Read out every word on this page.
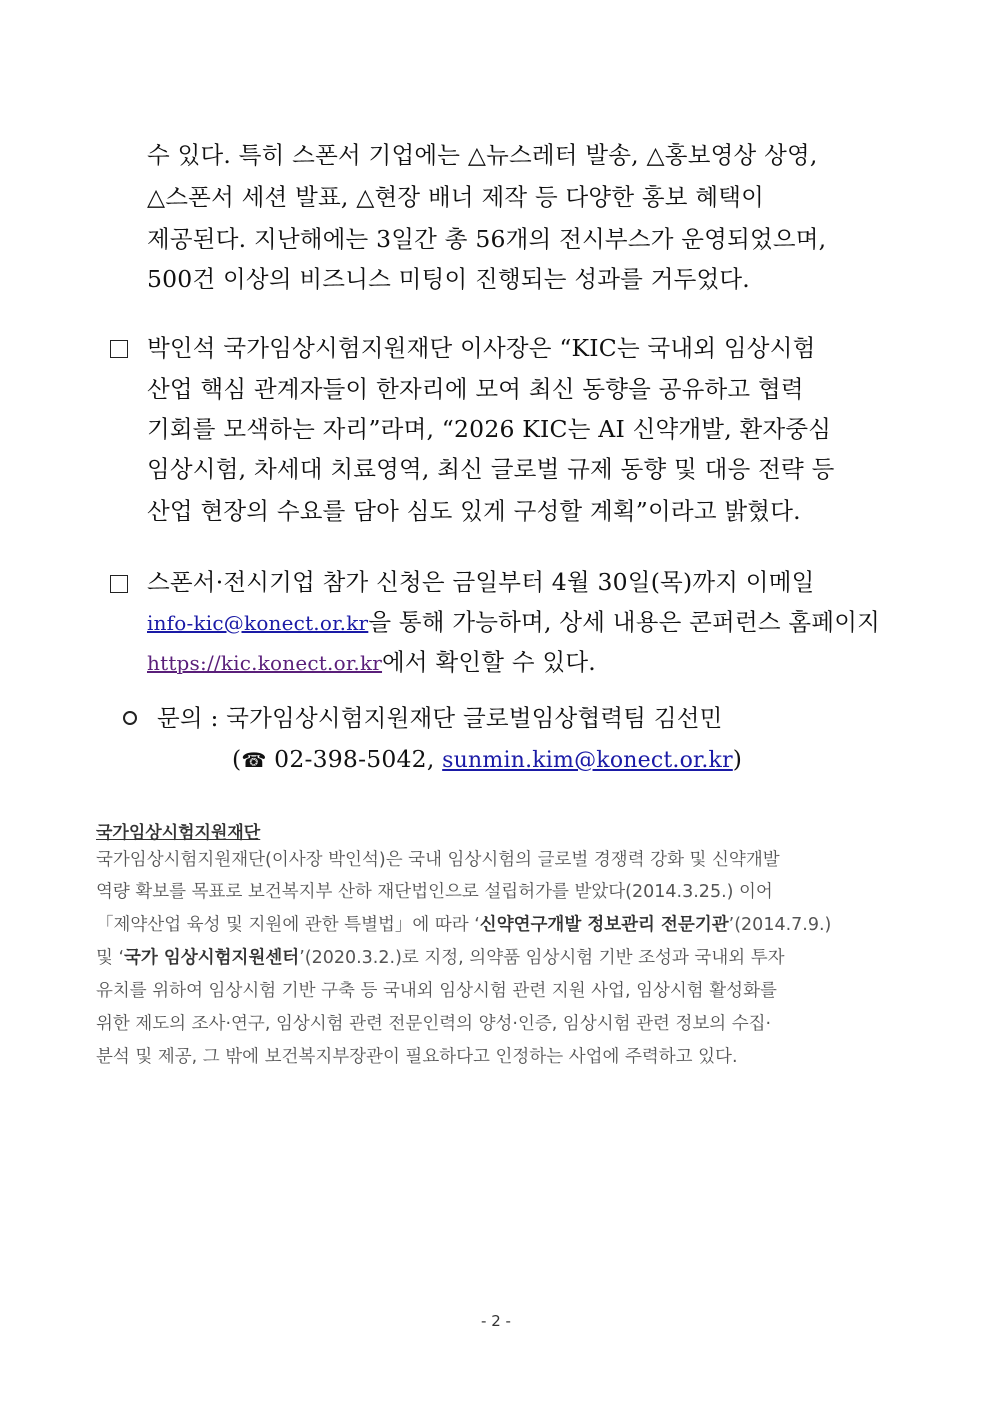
수 있다. 특히 스폰서 기업에는 △뉴스레터 발송, △홍보영상 상영,
△스폰서 세션 발표, △현장 배너 제작 등 다양한 홍보 혜택이
제공된다. 지난해에는 3일간 총 56개의 전시부스가 운영되었으며,
500건 이상의 비즈니스 미팅이 진행되는 성과를 거두었다.
박인석 국가임상시험지원재단 이사장은 “KIC는 국내외 임상시험
산업 핵심 관계자들이 한자리에 모여 최신 동향을 공유하고 협력
기회를 모색하는 자리”라며, “2026 KIC는 AI 신약개발, 환자중심
임상시험, 차세대 치료영역, 최신 글로벌 규제 동향 및 대응 전략 등
산업 현장의 수요를 담아 심도 있게 구성할 계획”이라고 밝혔다.
스폰서·전시기업 참가 신청은 금일부터 4월 30일(목)까지 이메일
info-kic@konect.or.kr을 통해 가능하며, 상세 내용은 콘퍼런스 홈페이지
https://kic.konect.or.kr에서 확인할 수 있다.
문의 : 국가임상시험지원재단 글로벌임상협력팀 김선민
(☎ 02-398-5042, sunmin.kim@konect.or.kr)
국가임상시험지원재단
국가임상시험지원재단(이사장 박인석)은 국내 임상시험의 글로벌 경쟁력 강화 및 신약개발
역량 확보를 목표로 보건복지부 산하 재단법인으로 설립허가를 받았다(2014.3.25.) 이어
「제약산업 육성 및 지원에 관한 특별법」에 따라 ‘ 신약연구개발 정보관리 전문기관 ’(2014.7.9.)
및 ‘ 국가 임상시험지원센터 ’(2020.3.2.)로 지정, 의약품 임상시험 기반 조성과 국내외 투자
유치를 위하여 임상시험 기반 구축 등 국내외 임상시험 관련 지원 사업, 임상시험 활성화를
위한 제도의 조사·연구, 임상시험 관련 전문인력의 양성·인증, 임상시험 관련 정보의 수집·
분석 및 제공, 그 밖에 보건복지부장관이 필요하다고 인정하는 사업에 주력하고 있다.
- 2 -
